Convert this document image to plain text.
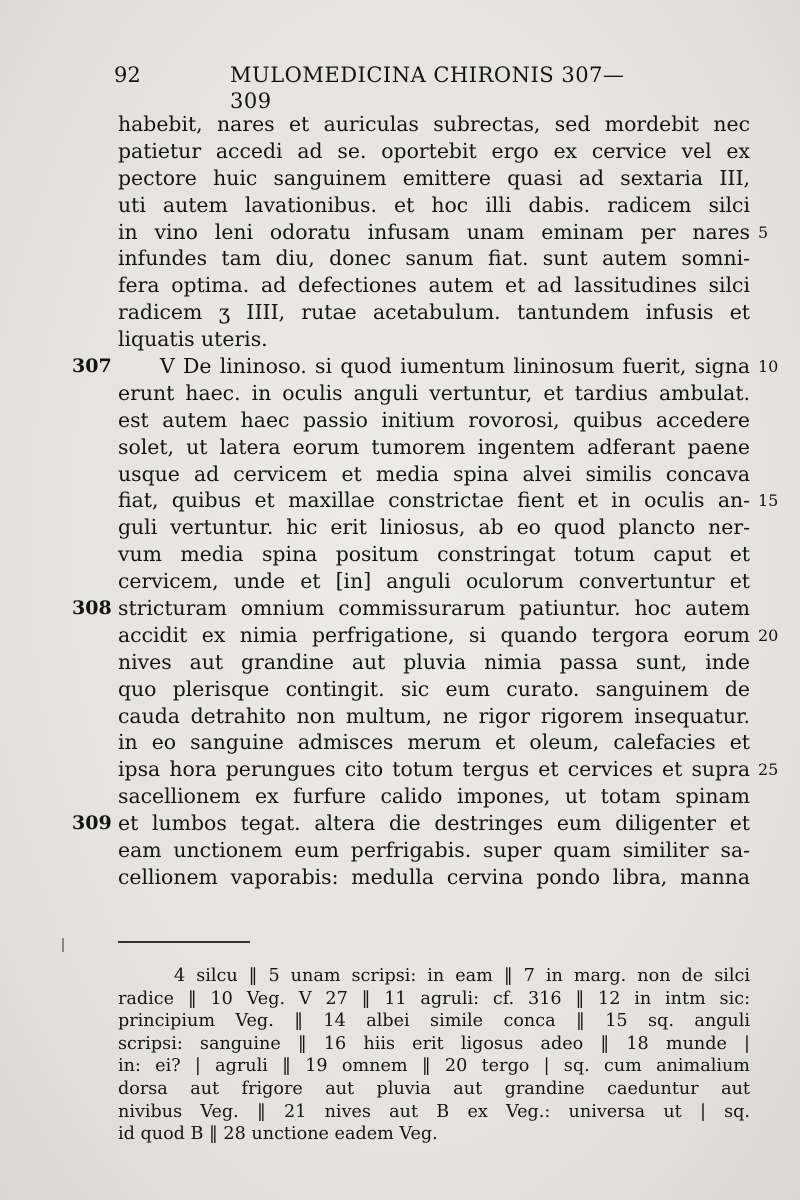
92	MULOMEDICINA CHIRONIS 307—309
habebit, nares et auriculas subrectas, sed mordebit nec
patietur accedi ad se. oportebit ergo ex cervice vel ex
pectore huic sanguinem emittere quasi ad sextaria III,
uti autem lavationibus. et hoc illi dabis. radicem silci
in vino leni odoratu infusam unam eminam per nares 5
infundes tam diu, donec sanum fiat. sunt autem somni-
fera optima. ad defectiones autem et ad lassitudines silci
radicem ʒ IIII, rutae acetabulum. tantundem infusis et
liquatis uteris.
307	V De lininoso. si quod iumentum lininosum fuerit, signa 10
erunt haec. in oculis anguli vertuntur, et tardius ambulat.
est autem haec passio initium rovorosi, quibus accedere
solet, ut latera eorum tumorem ingentem adferant paene
usque ad cervicem et media spina alvei similis concava
fiat, quibus et maxillae constrictae fient et in oculis an- 15
guli vertuntur. hic erit liniosus, ab eo quod plancto ner-
vum media spina positum constringat totum caput et
cervicem, unde et [in] anguli oculorum convertuntur et
308 stricturam omnium commissurarum patiuntur. hoc autem
accidit ex nimia perfrigatione, si quando tergora eorum 20
nives aut grandine aut pluvia nimia passa sunt, inde
quo plerisque contingit. sic eum curato. sanguinem de
cauda detrahito non multum, ne rigor rigorem insequatur.
in eo sanguine admisces merum et oleum, calefacies et
ipsa hora perungues cito totum tergus et cervices et supra 25
sacellionem ex furfure calido impones, ut totam spinam
309 et lumbos tegat. altera die destringes eum diligenter et
eam unctionem eum perfrigabis. super quam similiter sa-
cellionem vaporabis: medulla cervina pondo libra, manna
4 silcu ‖ 5 unam scripsi: in eam ‖ 7 in marg. non de silci
radice ‖ 10 Veg. V 27 ‖ 11 agruli: cf. 316 ‖ 12 in intm sic:
principium Veg. ‖ 14 albei simile conca ‖ 15 sq. anguli
scripsi: sanguine ‖ 16 hiis erit ligosus adeo ‖ 18 munde |
in: ei? | agruli ‖ 19 omnem ‖ 20 tergo | sq. cum animalium
dorsa aut frigore aut pluvia aut grandine caeduntur aut
nivibus Veg. ‖ 21 nives aut B ex Veg.: universa ut | sq.
id quod B ‖ 28 unctione eadem Veg.
